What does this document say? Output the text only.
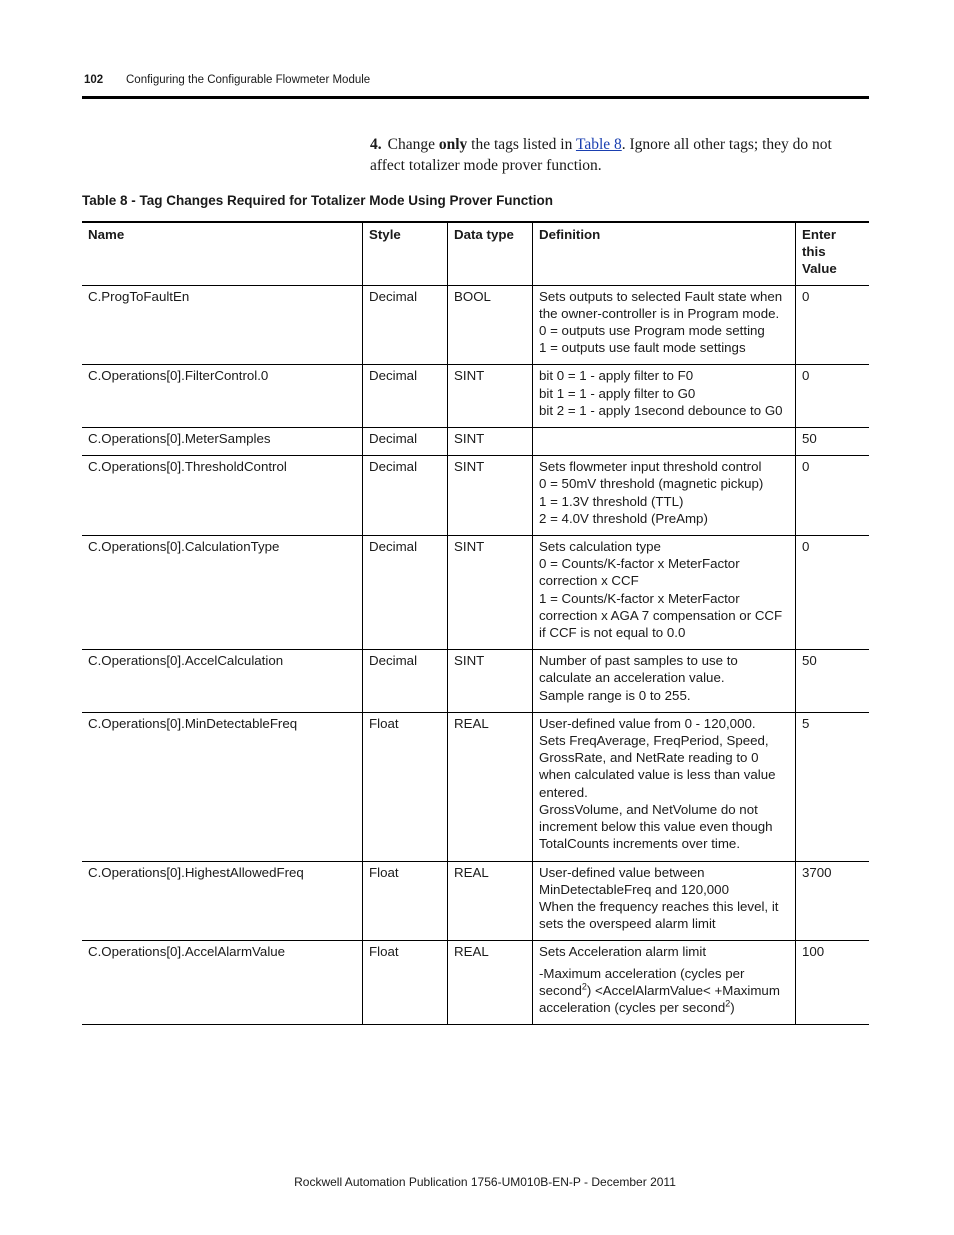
102 Configuring the Configurable Flowmeter Module
4. Change only the tags listed in Table 8. Ignore all other tags; they do not affect totalizer mode prover function.
Table 8 - Tag Changes Required for Totalizer Mode Using Prover Function
Name	Style	Data type	Definition	Enter this
Value
C.ProgToFaultEn	Decimal	BOOL	Sets outputs to selected Fault state when the owner-controller is in Program mode.
0 = outputs use Program mode setting
1 = outputs use fault mode settings	0
C.Operations[0].FilterControl.0	Decimal	SINT	bit 0 = 1 - apply filter to F0
bit 1 = 1 - apply filter to G0
bit 2 = 1 - apply 1second debounce to G0	0
C.Operations[0].MeterSamples	Decimal	SINT		50
C.Operations[0].ThresholdControl	Decimal	SINT	Sets flowmeter input threshold control
0 = 50mV threshold (magnetic pickup)
1 = 1.3V threshold (TTL)
2 = 4.0V threshold (PreAmp)	0
C.Operations[0].CalculationType	Decimal	SINT	Sets calculation type
0 = Counts/K-factor x MeterFactor correction x CCF
1 = Counts/K-factor x MeterFactor correction x AGA 7 compensation or CCF if CCF is not equal to 0.0	0
C.Operations[0].AccelCalculation	Decimal	SINT	Number of past samples to use to calculate an acceleration value.
Sample range is 0 to 255.	50
C.Operations[0].MinDetectableFreq	Float	REAL	User-defined value from 0 - 120,000.
Sets FreqAverage, FreqPeriod, Speed, GrossRate, and NetRate reading to 0 when calculated value is less than value entered.
GrossVolume, and NetVolume do not increment below this value even though TotalCounts increments over time.	5
C.Operations[0].HighestAllowedFreq	Float	REAL	User-defined value between MinDetectableFreq and 120,000
When the frequency reaches this level, it sets the overspeed alarm limit	3700
C.Operations[0].AccelAlarmValue	Float	REAL	Sets Acceleration alarm limit
-Maximum acceleration (cycles per second$^2$) <AccelAlarmValue< +Maximum acceleration (cycles per second$^2$)	100
Rockwell Automation Publication 1756-UM010B-EN-P - December 2011
